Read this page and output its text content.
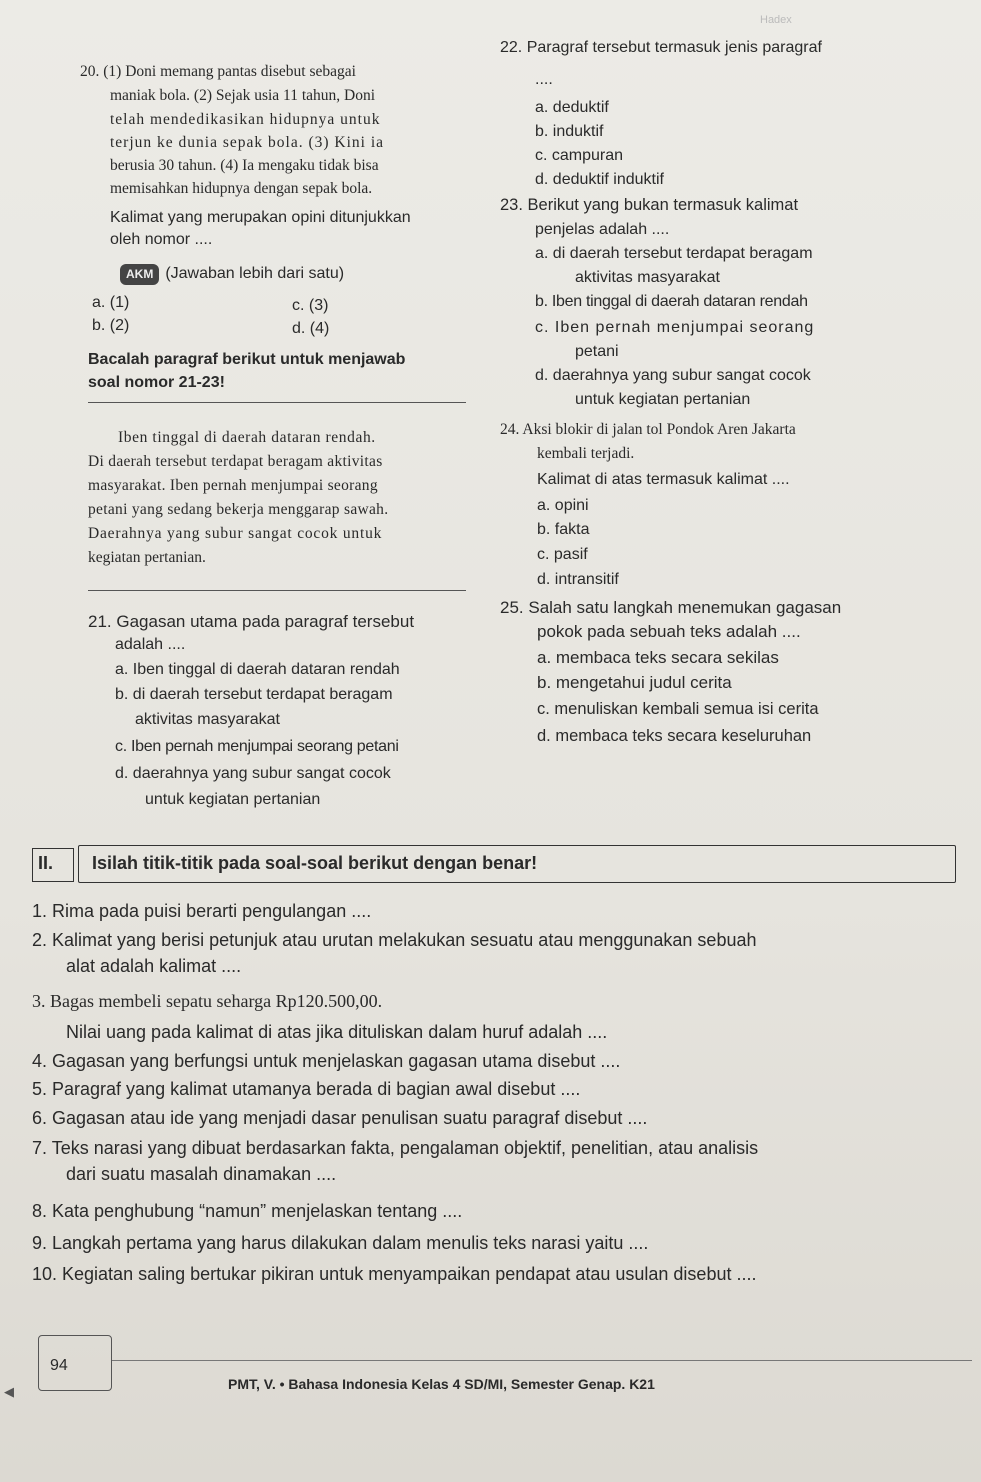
Hadex
20. (1) Doni memang pantas disebut sebagai
maniak bola. (2) Sejak usia 11 tahun, Doni
telah mendedikasikan hidupnya untuk
terjun ke dunia sepak bola. (3) Kini ia
berusia 30 tahun. (4) Ia mengaku tidak bisa
memisahkan hidupnya dengan sepak bola.
Kalimat yang merupakan opini ditunjukkan
oleh nomor ....
AKM (Jawaban lebih dari satu)
a. (1)
b. (2)
c. (3)
d. (4)
Bacalah paragraf berikut untuk menjawab
soal nomor 21-23!
Iben tinggal di daerah dataran rendah.
Di daerah tersebut terdapat beragam aktivitas
masyarakat. Iben pernah menjumpai seorang
petani yang sedang bekerja menggarap sawah.
Daerahnya yang subur sangat cocok untuk
kegiatan pertanian.
21. Gagasan utama pada paragraf tersebut
adalah ....
a. Iben tinggal di daerah dataran rendah
b. di daerah tersebut terdapat beragam
aktivitas masyarakat
c. Iben pernah menjumpai seorang petani
d. daerahnya yang subur sangat cocok
untuk kegiatan pertanian
22. Paragraf tersebut termasuk jenis paragraf
....
a. deduktif
b. induktif
c. campuran
d. deduktif induktif
23. Berikut yang bukan termasuk kalimat
penjelas adalah ....
a. di daerah tersebut terdapat beragam
aktivitas masyarakat
b. Iben tinggal di daerah dataran rendah
c. Iben pernah menjumpai seorang
petani
d. daerahnya yang subur sangat cocok
untuk kegiatan pertanian
24. Aksi blokir di jalan tol Pondok Aren Jakarta
kembali terjadi.
Kalimat di atas termasuk kalimat ....
a. opini
b. fakta
c. pasif
d. intransitif
25. Salah satu langkah menemukan gagasan
pokok pada sebuah teks adalah ....
a. membaca teks secara sekilas
b. mengetahui judul cerita
c. menuliskan kembali semua isi cerita
d. membaca teks secara keseluruhan
II. Isilah titik-titik pada soal-soal berikut dengan benar!
1. Rima pada puisi berarti pengulangan ....
2. Kalimat yang berisi petunjuk atau urutan melakukan sesuatu atau menggunakan sebuah
alat adalah kalimat ....
3. Bagas membeli sepatu seharga Rp120.500,00.
Nilai uang pada kalimat di atas jika dituliskan dalam huruf adalah ....
4. Gagasan yang berfungsi untuk menjelaskan gagasan utama disebut ....
5. Paragraf yang kalimat utamanya berada di bagian awal disebut ....
6. Gagasan atau ide yang menjadi dasar penulisan suatu paragraf disebut ....
7. Teks narasi yang dibuat berdasarkan fakta, pengalaman objektif, penelitian, atau analisis
dari suatu masalah dinamakan ....
8. Kata penghubung “namun” menjelaskan tentang ....
9. Langkah pertama yang harus dilakukan dalam menulis teks narasi yaitu ....
10. Kegiatan saling bertukar pikiran untuk menyampaikan pendapat atau usulan disebut ....
94
◀	PMT, V. • Bahasa Indonesia Kelas 4 SD/MI, Semester Genap. K21
